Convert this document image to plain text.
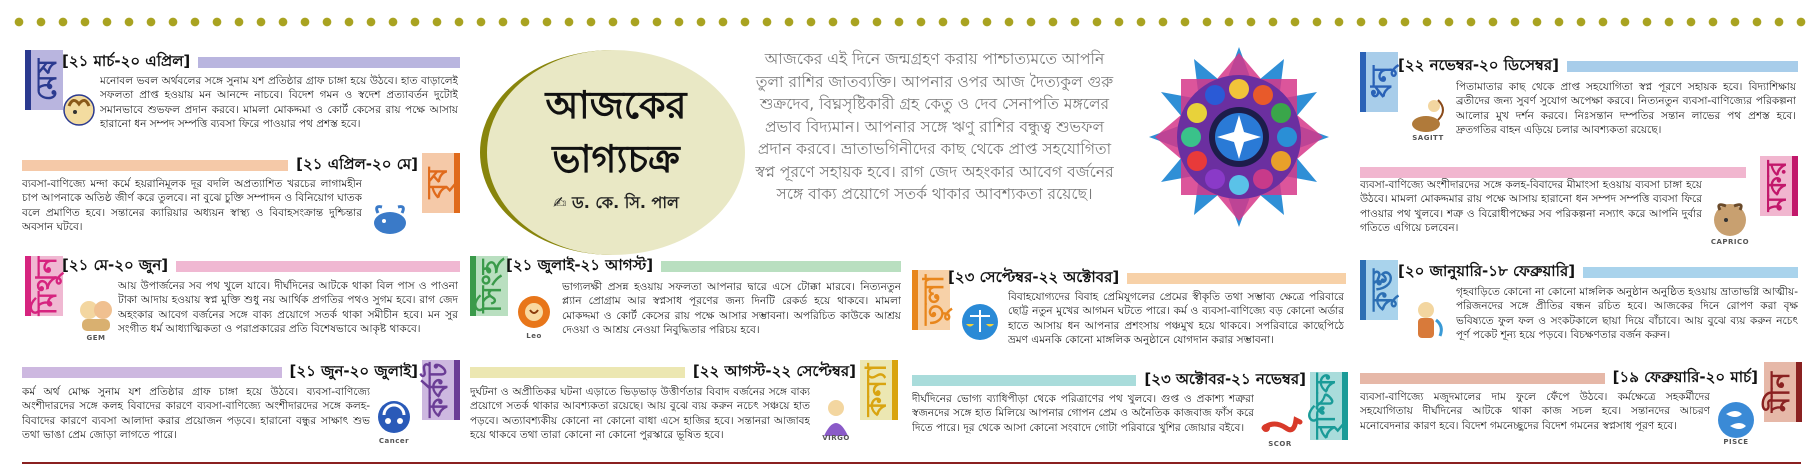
আজকের
ভাগ্যচক্র
✍ ড. কে. সি. পাল
আজকের এই দিনে জন্মগ্রহণ করায় পাশ্চাত্যমতে আপনি তুলা রাশির জাতব্যক্তি। আপনার ওপর আজ দৈত্যকুল গুরু শুক্রদেব, বিঘ্নসৃষ্টিকারী গ্রহ কেতু ও দেব সেনাপতি মঙ্গলের প্রভাব বিদ্যমান। আপনার সঙ্গে ঋণু রাশির বন্ধুত্ব শুভফল প্রদান করবে। ভ্রাতাভগিনীদের কাছ থেকে প্রাপ্ত সহযোগিতা স্বপ্ন পূরণে সহায়ক হবে। রাগ জেদ অহংকার আবেগ বর্জনের সঙ্গে বাক্য প্রয়োগে সতর্ক থাকার আবশ্যকতা রয়েছে।
মেষ
[২১ মার্চ-২০ এপ্রিল]
মনোবল ভবল অর্থবলের সঙ্গে সুনাম যশ প্রতিষ্ঠার গ্রাফ চাঙ্গা হয়ে উঠবে। হাত বাড়ালেই সফলতা প্রাপ্ত হওয়ায় মন আনন্দে নাচবে। বিদেশ গমন ও স্বদেশ প্রত্যাবর্তন দুটোই সমানভাবে শুভফল প্রদান করবে। মামলা মোকদ্দমা ও কোর্ট কেসের রায় পক্ষে আসায় হারানো ধন সম্পদ সম্পত্তি ব্যবসা ফিরে পাওয়ার পথ প্রশস্ত হবে।
বৃষ
[২১ এপ্রিল-২০ মে]
ব্যবসা-বাণিজ্যে মন্দা কর্মে হয়রানিমূলক দূর বদলি অপ্রত্যাশিত খরচের লাগামহীন চাপ আপনাকে অতিষ্ঠ জীর্ণ করে তুলবে। না বুঝে চুক্তি সম্পাদন ও বিনিয়োগ ঘাতক বলে প্রমাণিত হবে। সন্তানের ক্যারিয়ার অধ্যয়ন স্বাস্থ্য ও বিবাহসংক্রান্ত দুশ্চিন্তার অবসান ঘটবে।
মিথুন [২১ মে-২০ জুন]
আয় উপার্জনের সব পথ খুলে যাবে। দীর্ঘদিনের আটকে থাকা বিল পাস ও পাওনা টাকা আদায় হওয়ায় স্বপ্ন মুক্তি শুধু নয় আর্থিক প্রগতির পথও সুগম হবে। রাগ জেদ অহংকার আবেগ বর্জনের সঙ্গে বাক্য প্রয়োগে সতর্ক থাকা সমীচীন হবে। মন সুর সংগীত ধর্ম আধ্যাত্মিকতা ও পরাপ্রকারের প্রতি বিশেষভাবে আকৃষ্ট থাকবে।
GEM
কর্কট
[২১ জুন-২০ জুলাই]
কর্ম অর্থ মোক্ষ সুনাম যশ প্রতিষ্ঠার গ্রাফ চাঙ্গা হয়ে উঠবে। ব্যবসা-বাণিজ্যে অংশীদারদের সঙ্গে কলহ বিবাদের কারণে ব্যবসা-বাণিজ্যে অংশীদারদের সঙ্গে কলহ-বিবাদের কারণে ব্যবসা আলাদা করার প্রয়োজন পড়বে। হারানো বন্ধুর সাক্ষাৎ শুভ তথা ভাঙা প্রেম জোড়া লাগতে পারে।	Cancer
সিংহ
[২১ জুলাই-২১ আগস্ট]
ভাগ্যলক্ষী প্রসন্ন হওয়ায় সফলতা আপনার দ্বারে এসে টোক্কা মারবে। নিত্যনতুন প্ল্যান প্রোগ্রাম আর স্বপ্নসাধ পূরণের জন্য দিনটি রেকর্ড হয়ে থাকবে। মামলা মোকদ্দমা ও কোর্ট কেসের রায় পক্ষে আসার সম্ভাবনা। অপরিচিত কাউকে আশ্রয় দেওয়া ও আশ্রয় নেওয়া নিবুদ্ধিতার পরিচয় হবে।
Leo
কন্যা
[২২ আগস্ট-২২ সেপ্টেম্বর]
দুর্ঘটনা ও অপ্রীতিকর ঘটনা এড়াতে ভিড়ভাড় উত্তীর্ণতার বিবাদ বর্জনের সঙ্গে বাক্য প্রয়োগে সতর্ক থাকার আবশ্যকতা রয়েছে। আয় বুঝে ব্যয় করুন নচেৎ সঞ্চয়ে হাত পড়বে। অত্যাবশ্যকীয় কোনো না কোনো বাধা এসে হাজির হবে। সন্তানরা আজাবহ হয়ে থাকবে তথা তারা কোনো না কোনো পুরস্কারে ভূষিত হবে।	VIRGO
তুলা
[২৩ সেপ্টেম্বর-২২ অক্টোবর]
বিবাহযোগ্যদের বিবাহ প্রেমিযুগলের প্রেমের স্বীকৃতি তথা সম্ভাব্য ক্ষেত্রে পরিবারে ছোট্ট নতুন মুখের আগমন ঘটতে পারে। কর্ম ও ব্যবসা-বাণিজ্যে বড় কোনো অর্ডার হাতে আসায় ধন আপনার প্রশংসায় পঞ্চমুখ হয়ে থাকবে। সপরিবারে কাছেপিঠে ভ্রমণ এমনকি কোনো মাঙ্গলিক অনুষ্ঠানে যোগদান করার সম্ভাবনা।
বৃশ্চিক
[২৩ অক্টোবর-২১ নভেম্বর]
দীর্ঘদিনের ভোগ্য ব্যাধিপীড়া থেকে পরিত্রাণের পথ খুলবে। গুপ্ত ও প্রকাশ্য শত্রুরা স্বজনদের সঙ্গে হাত মিলিয়ে আপনার গোপন প্রেম ও অনৈতিক কাজবাজ ফাঁস করে দিতে পারে। দূর থেকে আসা কোনো সংবাদে গোটা পরিবারে খুশির জোয়ার বইবে।
SCOR
ধনু
[২২ নভেম্বর-২০ ডিসেম্বর]
পিতামাতার কাছ থেকে প্রাপ্ত সহযোগিতা স্বপ্ন পূরণে সহায়ক হবে। বিদ্যাশিক্ষায় ব্রতীদের জন্য সুবর্ণ সুযোগ অপেক্ষা করবে। নিত্যনতুন ব্যবসা-বাণিজ্যের পরিকল্পনা আলোর মুখ দর্শন করবে। নিঃসন্তান দম্পতির সন্তান লাভের পথ প্রশস্ত হবে। দ্রুতগতির বাহন এড়িয়ে চলার আবশ্যকতা রয়েছে।
SAGITT
মকর
ব্যবসা-বাণিজ্যে অংশীদারদের সঙ্গে কলহ-বিবাদের মীমাংসা হওয়ায় ব্যবসা চাঙ্গা হয়ে উঠবে। মামলা মোকদ্দমার রায় পক্ষে আসায় হারানো ধন সম্পদ সম্পত্তি ব্যবসা ফিরে পাওয়ার পথ খুলবে। শত্রু ও বিরোধীপক্ষের সব পরিকল্পনা নস্যাৎ করে আপনি দুর্বার গতিতে এগিয়ে চলবেন।
CAPRICO
কুম্ভ [২০ জানুয়ারি-১৮ ফেব্রুয়ারি]
গৃহবাড়িতে কোনো না কোনো মাঙ্গলিক অনুষ্ঠান অনুষ্ঠিত হওয়ায় ভ্রাতাভগ্নি আত্মীয়-পরিজনদের সঙ্গে প্রীতির বন্ধন রচিত হবে। আজকের দিনে রোপণ করা বৃক্ষ ভবিষ্যতে ফুল ফল ও সংকটকালে ছায়া দিয়ে বাঁচাবে। আয় বুঝে ব্যয় করুন নচেৎ পূর্ণ পকেট শূন্য হয়ে পড়বে। বিচক্ষণতার বর্জন করুন।
মীন
[১৯ ফেব্রুয়ারি-২০ মার্চ]
ব্যবসা-বাণিজ্যে মজুদমালের দাম ফুলে ফেঁপে উঠবে। কর্মক্ষেত্রে সহকর্মীদের সহযোগিতায় দীর্ঘদিনের আটকে থাকা কাজ সচল হবে। সন্তানদের আচরণ মনোবেদনার কারণ হবে। বিদেশ গমনেচ্ছুদের বিদেশ গমনের স্বপ্নসাধ পূরণ হবে।
PISCE
